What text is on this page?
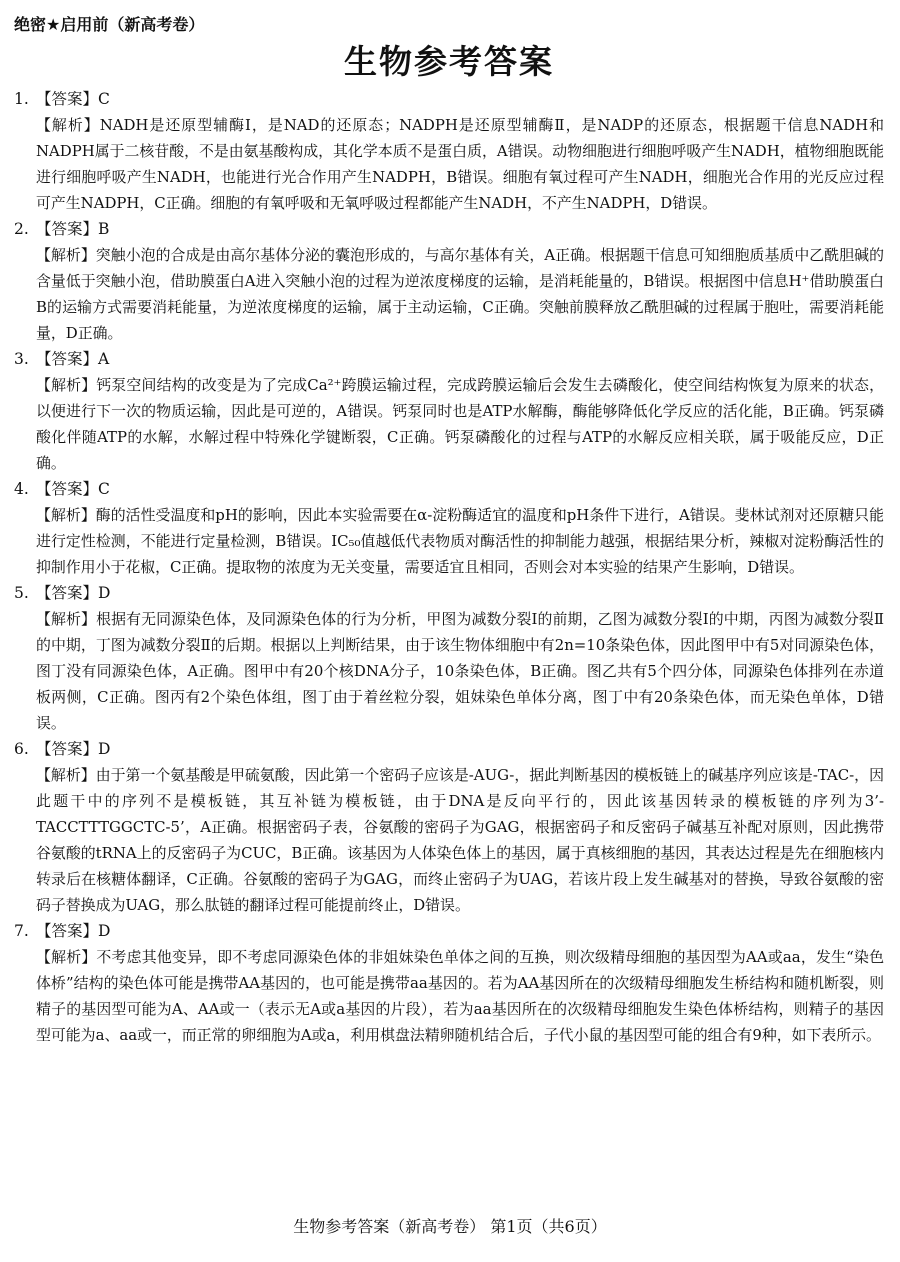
绝密★启用前（新高考卷）
生物参考答案
1. 【答案】C
【解析】NADH是还原型辅酶Ⅰ，是NAD的还原态；NADPH是还原型辅酶Ⅱ，是NADP的还原态，根据题干信息NADH和NADPH属于二核苷酸，不是由氨基酸构成，其化学本质不是蛋白质，A错误。动物细胞进行细胞呼吸产生NADH，植物细胞既能进行细胞呼吸产生NADH，也能进行光合作用产生NADPH，B错误。细胞有氧过程可产生NADH，细胞光合作用的光反应过程可产生NADPH，C正确。细胞的有氧呼吸和无氧呼吸过程都能产生NADH，不产生NADPH，D错误。
2. 【答案】B
【解析】突触小泡的合成是由高尔基体分泌的囊泡形成的，与高尔基体有关，A正确。根据题干信息可知细胞质基质中乙酰胆碱的含量低于突触小泡，借助膜蛋白A进入突触小泡的过程为逆浓度梯度的运输，是消耗能量的，B错误。根据图中信息H⁺借助膜蛋白B的运输方式需要消耗能量，为逆浓度梯度的运输，属于主动运输，C正确。突触前膜释放乙酰胆碱的过程属于胞吐，需要消耗能量，D正确。
3. 【答案】A
【解析】钙泵空间结构的改变是为了完成Ca²⁺跨膜运输过程，完成跨膜运输后会发生去磷酸化，使空间结构恢复为原来的状态，以便进行下一次的物质运输，因此是可逆的，A错误。钙泵同时也是ATP水解酶，酶能够降低化学反应的活化能，B正确。钙泵磷酸化伴随ATP的水解，水解过程中特殊化学键断裂，C正确。钙泵磷酸化的过程与ATP的水解反应相关联，属于吸能反应，D正确。
4. 【答案】C
【解析】酶的活性受温度和pH的影响，因此本实验需要在α-淀粉酶适宜的温度和pH条件下进行，A错误。斐林试剂对还原糖只能进行定性检测，不能进行定量检测，B错误。IC₅₀值越低代表物质对酶活性的抑制能力越强，根据结果分析，辣椒对淀粉酶活性的抑制作用小于花椒，C正确。提取物的浓度为无关变量，需要适宜且相同，否则会对本实验的结果产生影响，D错误。
5. 【答案】D
【解析】根据有无同源染色体，及同源染色体的行为分析，甲图为减数分裂Ⅰ的前期，乙图为减数分裂Ⅰ的中期，丙图为减数分裂Ⅱ的中期，丁图为减数分裂Ⅱ的后期。根据以上判断结果，由于该生物体细胞中有2n=10条染色体，因此图甲中有5对同源染色体，图丁没有同源染色体，A正确。图甲中有20个核DNA分子，10条染色体，B正确。图乙共有5个四分体，同源染色体排列在赤道板两侧，C正确。图丙有2个染色体组，图丁由于着丝粒分裂，姐妹染色单体分离，图丁中有20条染色体，而无染色单体，D错误。
6. 【答案】D
【解析】由于第一个氨基酸是甲硫氨酸，因此第一个密码子应该是-AUG-，据此判断基因的模板链上的碱基序列应该是-TAC-，因此题干中的序列不是模板链，其互补链为模板链，由于DNA是反向平行的，因此该基因转录的模板链的序列为3’-TACCTTTGGCTC-5’，A正确。根据密码子表，谷氨酸的密码子为GAG，根据密码子和反密码子碱基互补配对原则，因此携带谷氨酸的tRNA上的反密码子为CUC，B正确。该基因为人体染色体上的基因，属于真核细胞的基因，其表达过程是先在细胞核内转录后在核糖体翻译，C正确。谷氨酸的密码子为GAG，而终止密码子为UAG，若该片段上发生碱基对的替换，导致谷氨酸的密码子替换成为UAG，那么肽链的翻译过程可能提前终止，D错误。
7. 【答案】D
【解析】不考虑其他变异，即不考虑同源染色体的非姐妹染色单体之间的互换，则次级精母细胞的基因型为AA或aa，发生“染色体桥”结构的染色体可能是携带AA基因的，也可能是携带aa基因的。若为AA基因所在的次级精母细胞发生桥结构和随机断裂，则精子的基因型可能为A、AA或一（表示无A或a基因的片段），若为aa基因所在的次级精母细胞发生染色体桥结构，则精子的基因型可能为a、aa或一，而正常的卵细胞为A或a，利用棋盘法精卵随机结合后，子代小鼠的基因型可能的组合有9种，如下表所示。
生物参考答案（新高考卷） 第1页（共6页）
